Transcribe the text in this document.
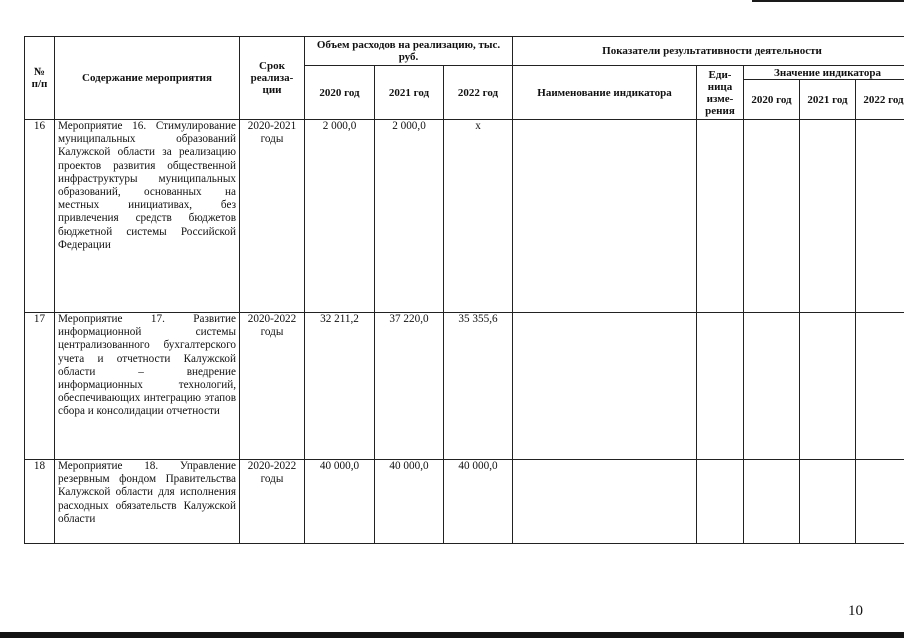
№ п/п	Содержание мероприятия	Срок реализа-ции	Объем расходов на реализацию, тыс. руб.			Показатели результативности деятельности				
			2020 год	2021 год	2022 год	Наименование индикатора	Еди-ница изме-рения	Значение индикатора		
								2020 год	2021 год	2022 год
16	Мероприятие 16. Стимулирование муниципальных образований Калужской области за реализацию проектов развития общественной инфраструктуры муниципальных образований, основанных на местных инициативах, без привлечения средств бюджетов бюджетной системы Российской Федерации	2020-2021 годы	2 000,0	2 000,0	х					
17	Мероприятие 17. Развитие информационной системы централизованного бухгалтерского учета и отчетности Калужской области – внедрение информационных технологий, обеспечивающих интеграцию этапов сбора и консолидации отчетности	2020-2022 годы	32 211,2	37 220,0	35 355,6					
18	Мероприятие 18. Управление резервным фондом Правительства Калужской области для исполнения расходных обязательств Калужской области	2020-2022 годы	40 000,0	40 000,0	40 000,0					
10
